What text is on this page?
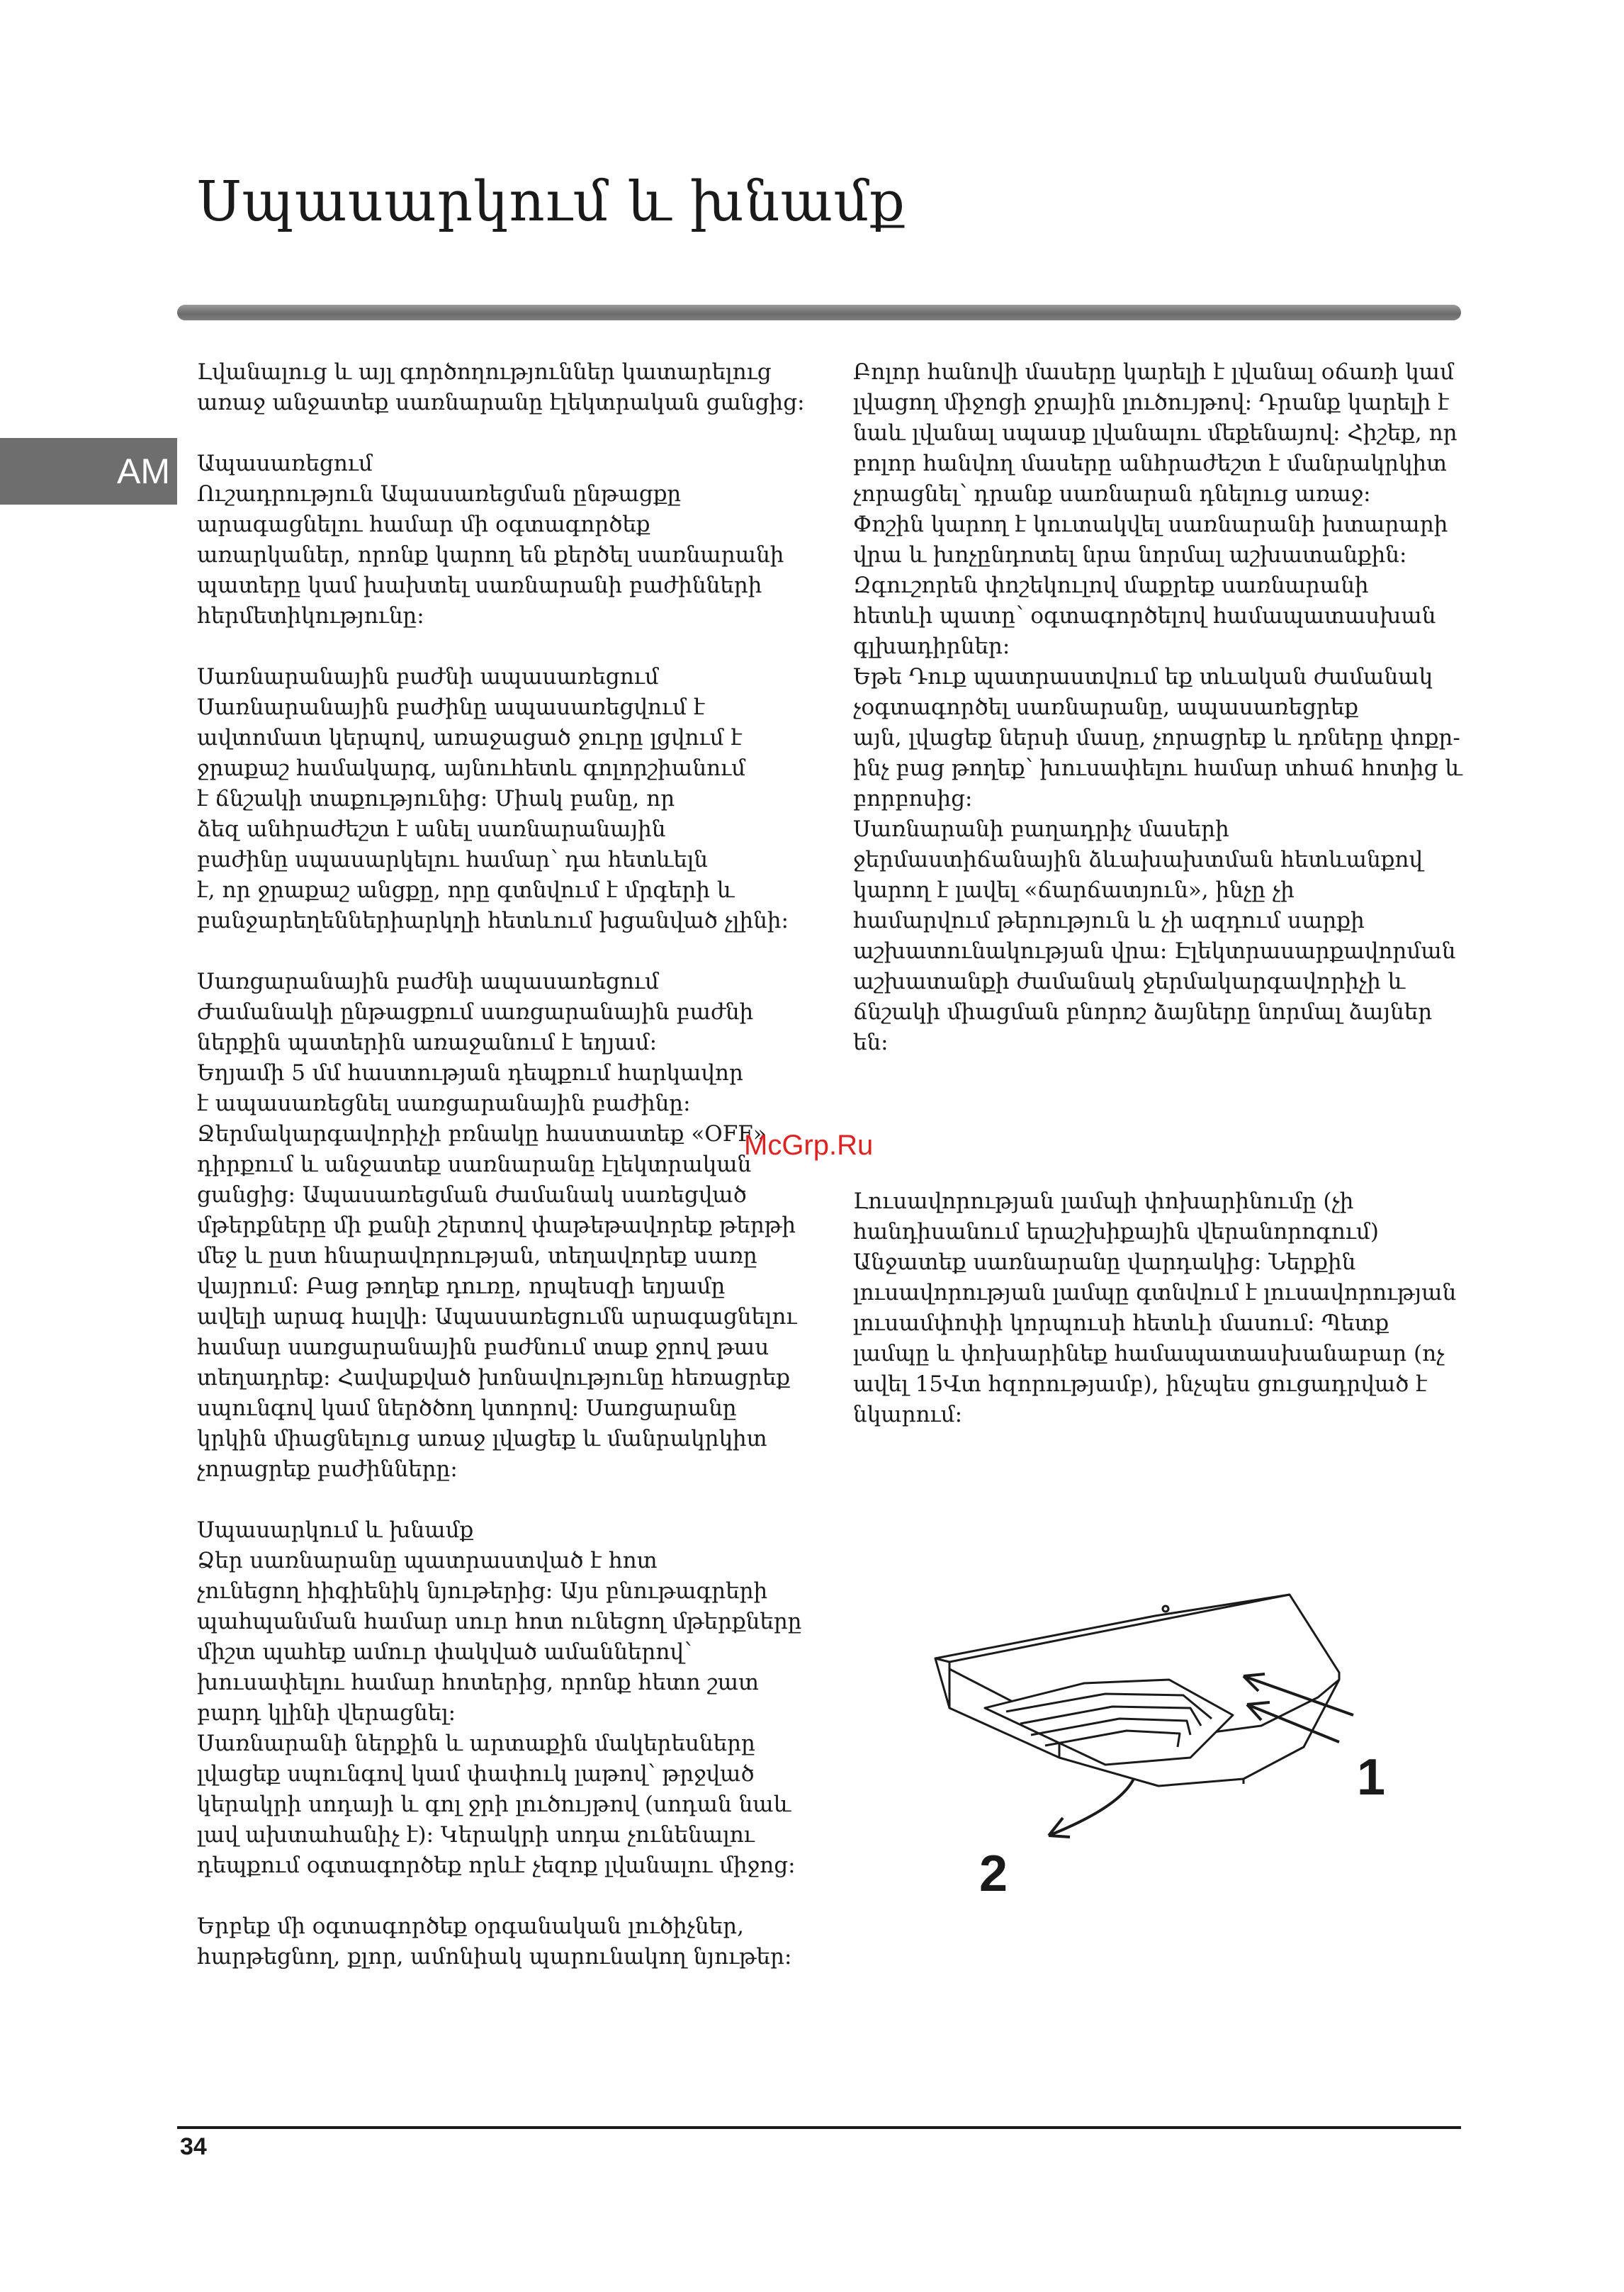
Սպասարկում և խնամք
AM

Լվանալուց և այլ գործողություններ կատարելուց

առաջ անջատեք սառնարանը էլեկտրական ցանցից:

Ապասառեցում

Ուշադրություն Ապասառեցման ընթացքը

արագացնելու համար մի օգտագործեք

առարկաներ, որոնք կարող են քերծել սառնարանի

պատերը կամ խախտել սառնարանի բաժինների

հերմետիկությունը:

Սառնարանային բաժնի ապասառեցում

Սառնարանային բաժինը ապասառեցվում է

ավտոմատ կերպով, առաջացած ջուրը լցվում է

ջրաքաշ համակարգ, այնուհետև գոլորշիանում

է ճնշակի տաքությունից: Միակ բանը, որ

ձեզ անհրաժեշտ է անել սառնարանային

բաժինը սպասարկելու համար՝ դա հետևելն

է, որ ջրաքաշ անցքը, որը գտնվում է մրգերի և

բանջարեղեններիարկղի հետևում խցանված չլինի:

Սառցարանային բաժնի ապասառեցում

Ժամանակի ընթացքում սառցարանային բաժնի

ներքին պատերին առաջանում է եղյամ:

Եղյամի 5 մմ հաստության դեպքում հարկավոր

է ապասառեցնել սառցարանային բաժինը:

Ջերմակարգավորիչի բռնակը հաստատեք «OFF»

դիրքում և անջատեք սառնարանը էլեկտրական

ցանցից: Ապասառեցման ժամանակ սառեցված

մթերքները մի քանի շերտով փաթեթավորեք թերթի

մեջ և ըստ հնարավորության, տեղավորեք սառը

վայրում: Բաց թողեք դուռը, որպեսզի եղյամը

ավելի արագ հալվի: Ապասառեցումն արագացնելու

համար սառցարանային բաժնում տաք ջրով թաս

տեղադրեք: Հավաքված խոնավությունը հեռացրեք

սպունգով կամ ներծծող կտորով: Սառցարանը

կրկին միացնելուց առաջ լվացեք և մանրակրկիտ

չորացրեք բաժինները:

Սպասարկում և խնամք

Ձեր սառնարանը պատրաստված է հոտ

չունեցող հիգիենիկ նյութերից: Այս բնութագրերի

պահպանման համար սուր հոտ ունեցող մթերքները

միշտ պահեք ամուր փակված ամաններով՝

խուսափելու համար հոտերից, որոնք հետո շատ

բարդ կլինի վերացնել:

Սառնարանի ներքին և արտաքին մակերեսները

լվացեք սպունգով կամ փափուկ լաթով՝ թրջված

կերակրի սոդայի և գոլ ջրի լուծույթով (սոդան նաև

լավ ախտահանիչ է): Կերակրի սոդա չունենալու

դեպքում օգտագործեք որևէ չեզոք լվանալու միջոց:

Երբեք մի օգտագործեք օրգանական լուծիչներ,

հարթեցնող, քլոր, ամոնիակ պարունակող նյութեր:

Բոլոր հանովի մասերը կարելի է լվանալ օճառի կամ

լվացող միջոցի ջրային լուծույթով: Դրանք կարելի է

նաև լվանալ սպասք լվանալու մեքենայով: Հիշեք, որ

բոլոր հանվող մասերը անհրաժեշտ է մանրակրկիտ

չորացնել՝ դրանք սառնարան դնելուց առաջ:

Փոշին կարող է կուտակվել սառնարանի խտարարի

վրա և խոչընդոտել նրա նորմալ աշխատանքին:

Զգուշորեն փոշեկուլով մաքրեք սառնարանի

հետևի պատը՝ օգտագործելով համապատասխան

գլխադիրներ:

Եթե Դուք պատրաստվում եք տևական ժամանակ

չօգտագործել սառնարանը, ապասառեցրեք

այն, լվացեք ներսի մասը, չորացրեք և դռները փոքր-

ինչ բաց թողեք՝ խուսափելու համար տհաճ հոտից և

բորբոսից:

Սառնարանի բաղադրիչ մասերի

ջերմաստիճանային ձևախախտման հետևանքով

կարող է լավել «ճարճատյուն», ինչը չի

համարվում թերություն և չի ազդում սարքի

աշխատունակության վրա: Էլեկտրասարքավորման

աշխատանքի ժամանակ ջերմակարգավորիչի և

ճնշակի միացման բնորոշ ձայները նորմալ ձայներ

են:

Լուսավորության լամպի փոխարինումը (չի

հանդիսանում երաշխիքային վերանորոգում)

Անջատեք սառնարանը վարդակից: Ներքին

լուսավորության լամպը գտնվում է լուսավորության

լուսամփոփի կորպուսի հետևի մասում: Պետք

լամպը և փոխարինեք համապատասխանաբար (ոչ

ավել 15Վտ հզորությամբ), ինչպես ցուցադրված է

նկարում:

McGrp.Ru
1
2
34
